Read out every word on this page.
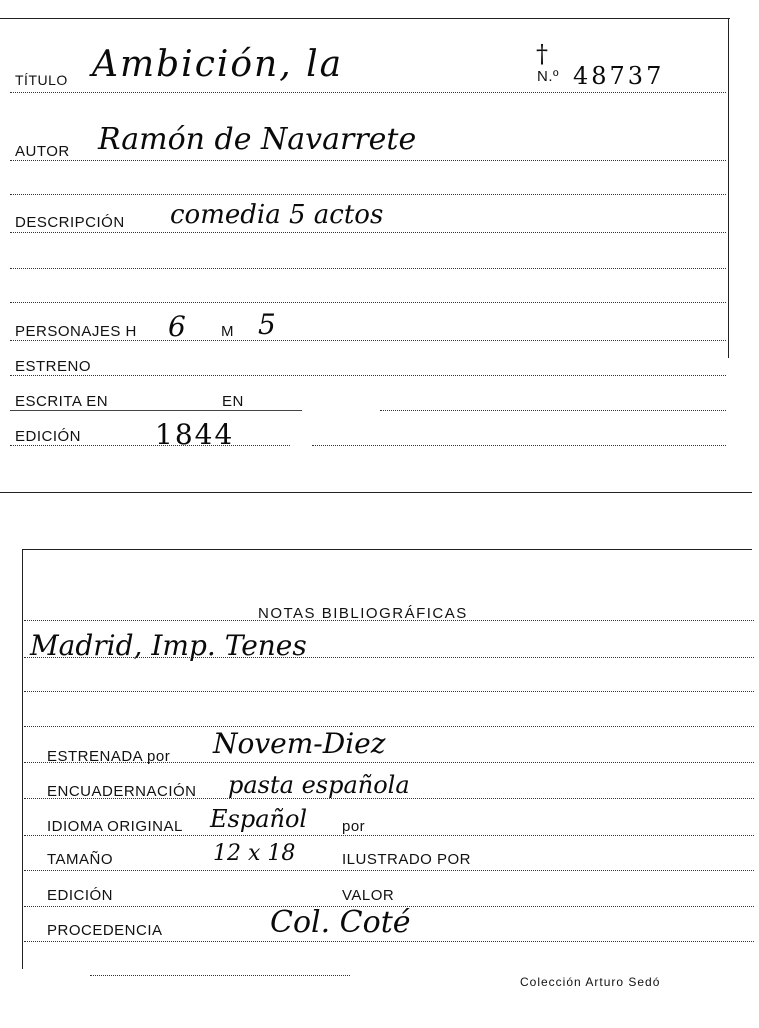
TÍTULO Ambición, la	†
N.º 48737
AUTOR Ramón de Navarrete
DESCRIPCIÓN comedia 5 actos
PERSONAJES H 6 M 5
ESTRENO
ESCRITA EN	EN
EDICIÓN	1844
NOTAS BIBLIOGRÁFICAS
Madrid, Imp. Tenes
ESTRENADA por Novem-Diez
ENCUADERNACIÓN pasta española
IDIOMA ORIGINAL Español por
TAMAÑO	12 x 18	ILUSTRADO POR
EDICIÓN	VALOR
PROCEDENCIA	Col. Coté
Colección Arturo Sedó
